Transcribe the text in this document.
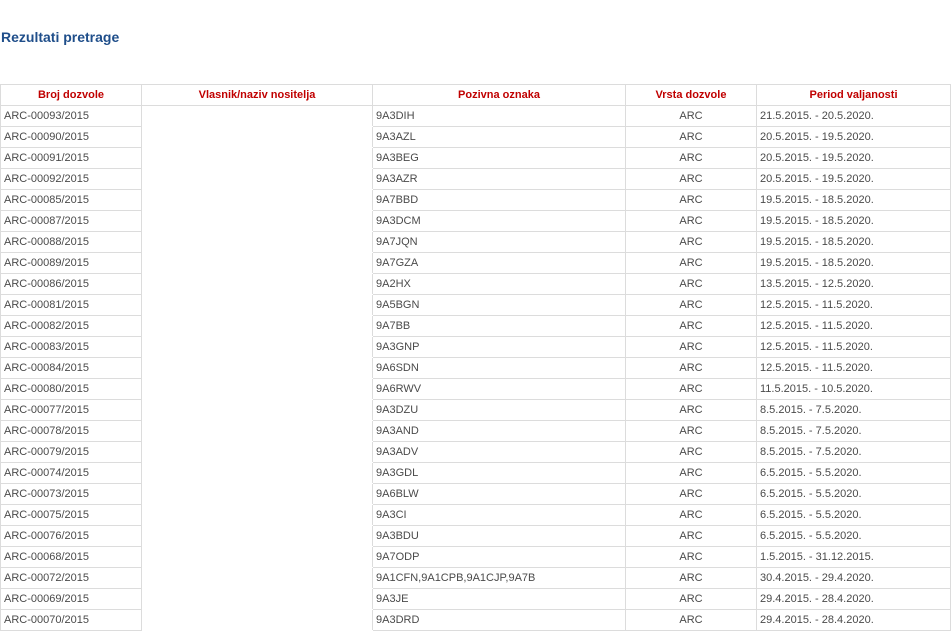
Rezultati pretrage
Broj dozvole	Vlasnik/naziv nositelja	Pozivna oznaka	Vrsta dozvole	Period valjanosti
ARC-00093/2015		9A3DIH	ARC	21.5.2015. - 20.5.2020.
ARC-00090/2015		9A3AZL	ARC	20.5.2015. - 19.5.2020.
ARC-00091/2015		9A3BEG	ARC	20.5.2015. - 19.5.2020.
ARC-00092/2015		9A3AZR	ARC	20.5.2015. - 19.5.2020.
ARC-00085/2015		9A7BBD	ARC	19.5.2015. - 18.5.2020.
ARC-00087/2015		9A3DCM	ARC	19.5.2015. - 18.5.2020.
ARC-00088/2015		9A7JQN	ARC	19.5.2015. - 18.5.2020.
ARC-00089/2015		9A7GZA	ARC	19.5.2015. - 18.5.2020.
ARC-00086/2015		9A2HX	ARC	13.5.2015. - 12.5.2020.
ARC-00081/2015		9A5BGN	ARC	12.5.2015. - 11.5.2020.
ARC-00082/2015		9A7BB	ARC	12.5.2015. - 11.5.2020.
ARC-00083/2015		9A3GNP	ARC	12.5.2015. - 11.5.2020.
ARC-00084/2015		9A6SDN	ARC	12.5.2015. - 11.5.2020.
ARC-00080/2015		9A6RWV	ARC	11.5.2015. - 10.5.2020.
ARC-00077/2015		9A3DZU	ARC	8.5.2015. - 7.5.2020.
ARC-00078/2015		9A3AND	ARC	8.5.2015. - 7.5.2020.
ARC-00079/2015		9A3ADV	ARC	8.5.2015. - 7.5.2020.
ARC-00074/2015		9A3GDL	ARC	6.5.2015. - 5.5.2020.
ARC-00073/2015		9A6BLW	ARC	6.5.2015. - 5.5.2020.
ARC-00075/2015		9A3CI	ARC	6.5.2015. - 5.5.2020.
ARC-00076/2015		9A3BDU	ARC	6.5.2015. - 5.5.2020.
ARC-00068/2015		9A7ODP	ARC	1.5.2015. - 31.12.2015.
ARC-00072/2015		9A1CFN,9A1CPB,9A1CJP,9A7B	ARC	30.4.2015. - 29.4.2020.
ARC-00069/2015		9A3JE	ARC	29.4.2015. - 28.4.2020.
ARC-00070/2015		9A3DRD	ARC	29.4.2015. - 28.4.2020.
